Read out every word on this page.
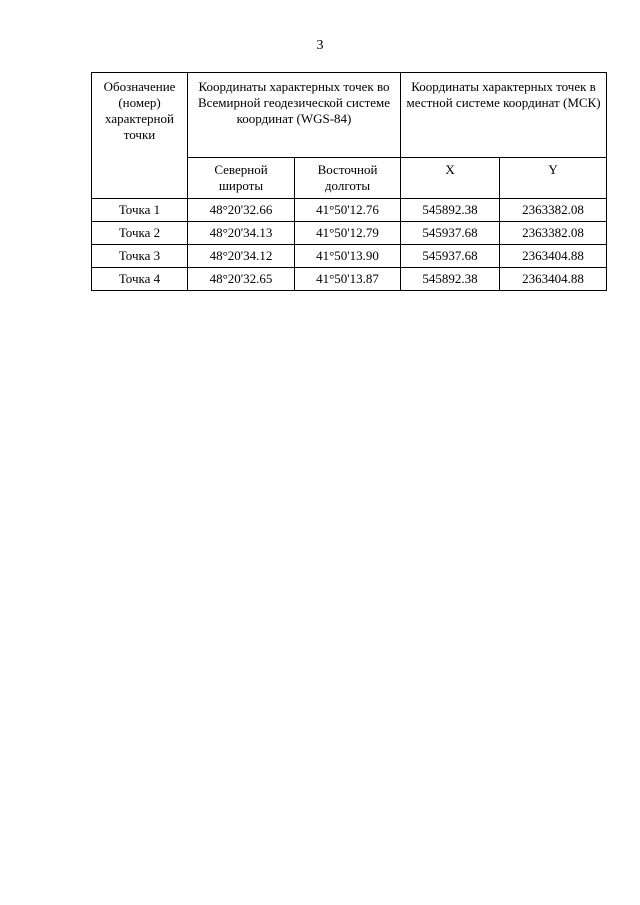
3
Обозначение (номер) характерной точки	Координаты характерных точек во Всемирной геодезической системе координат (WGS-84)		Координаты характерных точек в местной системе координат (МСК)	
	Северной широты	Восточной долготы	X	Y
Точка 1	48°20'32.66	41°50'12.76	545892.38	2363382.08
Точка 2	48°20'34.13	41°50'12.79	545937.68	2363382.08
Точка 3	48°20'34.12	41°50'13.90	545937.68	2363404.88
Точка 4	48°20'32.65	41°50'13.87	545892.38	2363404.88
